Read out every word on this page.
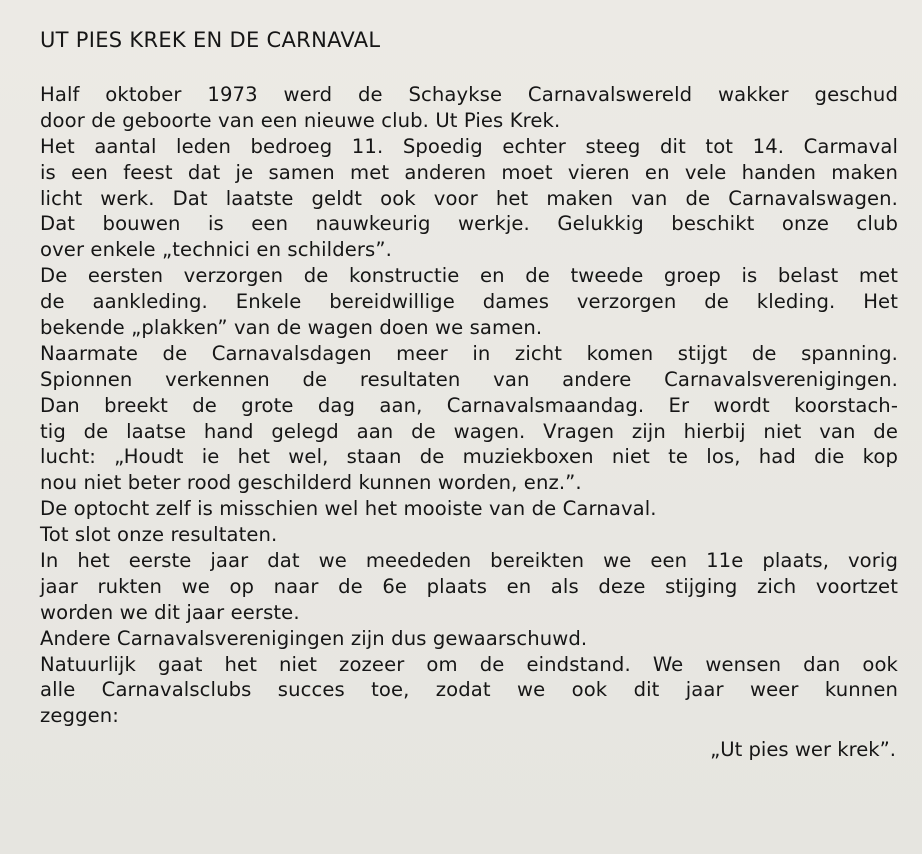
UT PIES KREK EN DE CARNAVAL
Half oktober 1973 werd de Schaykse Carnavalswereld wakker geschud
door de geboorte van een nieuwe club. Ut Pies Krek.
Het aantal leden bedroeg 11. Spoedig echter steeg dit tot 14. Carmaval
is een feest dat je samen met anderen moet vieren en vele handen maken
licht werk. Dat laatste geldt ook voor het maken van de Carnavalswagen.
Dat bouwen is een nauwkeurig werkje. Gelukkig beschikt onze club
over enkele „technici en schilders”.
De eersten verzorgen de konstructie en de tweede groep is belast met
de aankleding. Enkele bereidwillige dames verzorgen de kleding. Het
bekende „plakken” van de wagen doen we samen.
Naarmate de Carnavalsdagen meer in zicht komen stijgt de spanning.
Spionnen verkennen de resultaten van andere Carnavalsverenigingen.
Dan breekt de grote dag aan, Carnavalsmaandag. Er wordt koorstach-
tig de laatse hand gelegd aan de wagen. Vragen zijn hierbij niet van de
lucht: „Houdt ie het wel, staan de muziekboxen niet te los, had die kop
nou niet beter rood geschilderd kunnen worden, enz.”.
De optocht zelf is misschien wel het mooiste van de Carnaval.
Tot slot onze resultaten.
In het eerste jaar dat we meededen bereikten we een 11e plaats, vorig
jaar rukten we op naar de 6e plaats en als deze stijging zich voortzet
worden we dit jaar eerste.
Andere Carnavalsverenigingen zijn dus gewaarschuwd.
Natuurlijk gaat het niet zozeer om de eindstand. We wensen dan ook
alle Carnavalsclubs succes toe, zodat we ook dit jaar weer kunnen
zeggen:
„Ut pies wer krek”.
